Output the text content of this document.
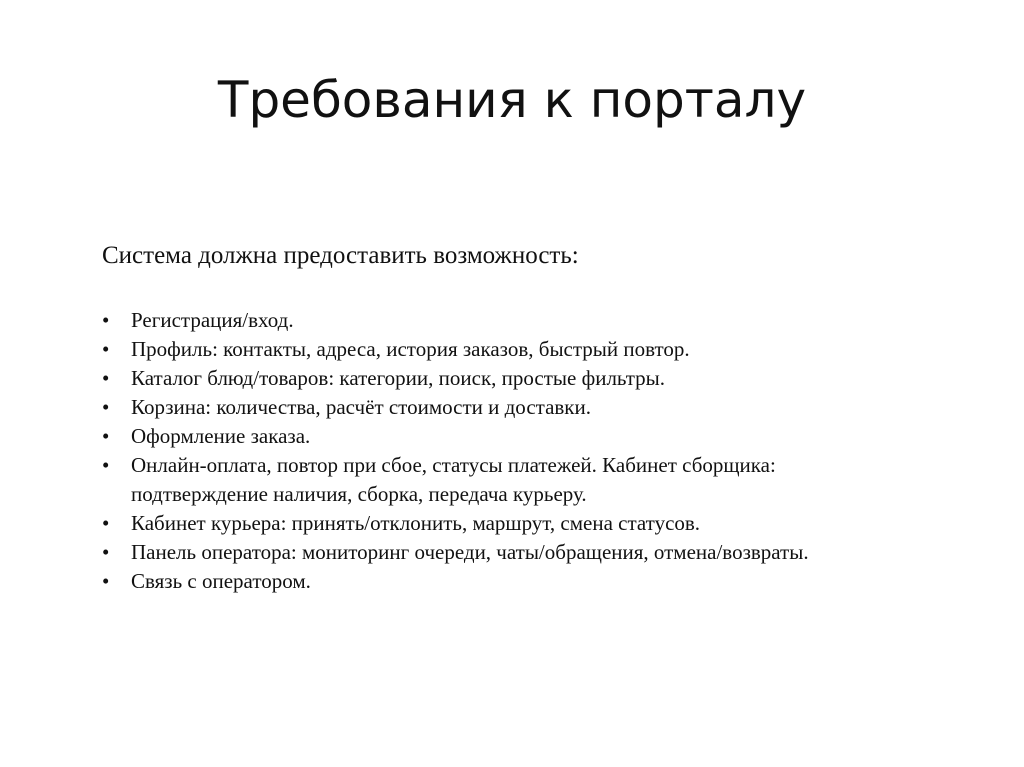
Требования к порталу
Система должна предоставить возможность:
• Регистрация/вход.
• Профиль: контакты, адреса, история заказов, быстрый повтор.
• Каталог блюд/товаров: категории, поиск, простые фильтры.
• Корзина: количества, расчёт стоимости и доставки.
• Оформление заказа.
• Онлайн-оплата, повтор при сбое, статусы платежей. Кабинет сборщика:
подтверждение наличия, сборка, передача курьеру.
• Кабинет курьера: принять/отклонить, маршрут, смена статусов.
• Панель оператора: мониторинг очереди, чаты/обращения, отмена/возвраты.
• Связь с оператором.
